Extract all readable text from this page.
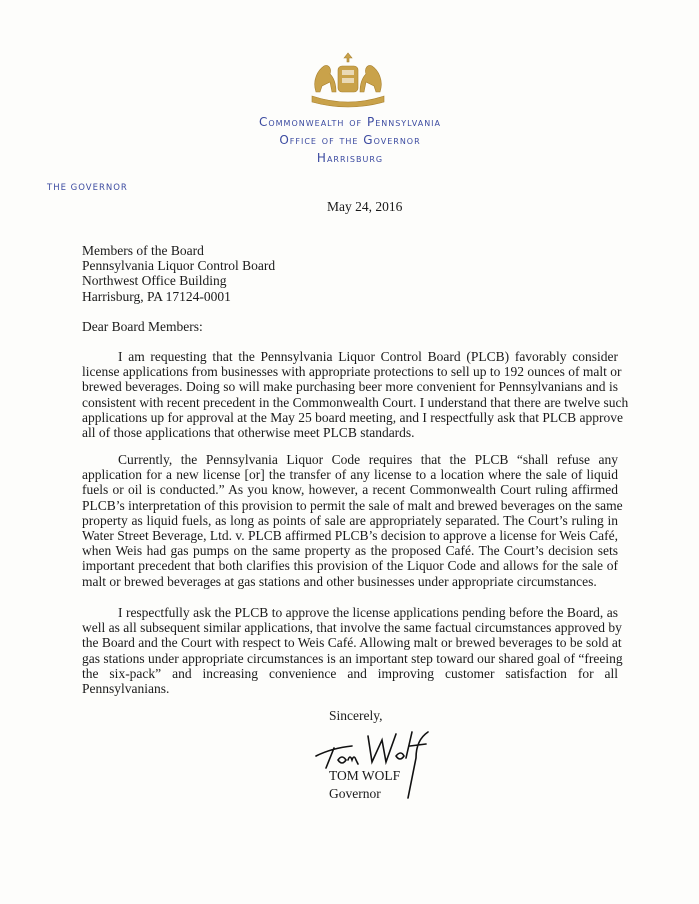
Commonwealth of Pennsylvania
Office of the Governor
Harrisburg
THE GOVERNOR
May 24, 2016
Members of the Board
Pennsylvania Liquor Control Board
Northwest Office Building
Harrisburg, PA 17124-0001
Dear Board Members:
I am requesting that the Pennsylvania Liquor Control Board (PLCB) favorably consider
license applications from businesses with appropriate protections to sell up to 192 ounces of malt or
brewed beverages. Doing so will make purchasing beer more convenient for Pennsylvanians and is
consistent with recent precedent in the Commonwealth Court. I understand that there are twelve such
applications up for approval at the May 25 board meeting, and I respectfully ask that PLCB approve
all of those applications that otherwise meet PLCB standards.
Currently, the Pennsylvania Liquor Code requires that the PLCB “shall refuse any
application for a new license [or] the transfer of any license to a location where the sale of liquid
fuels or oil is conducted.” As you know, however, a recent Commonwealth Court ruling affirmed
PLCB’s interpretation of this provision to permit the sale of malt and brewed beverages on the same
property as liquid fuels, as long as points of sale are appropriately separated. The Court’s ruling in
Water Street Beverage, Ltd. v. PLCB affirmed PLCB’s decision to approve a license for Weis Café,
when Weis had gas pumps on the same property as the proposed Café. The Court’s decision sets
important precedent that both clarifies this provision of the Liquor Code and allows for the sale of
malt or brewed beverages at gas stations and other businesses under appropriate circumstances.
I respectfully ask the PLCB to approve the license applications pending before the Board, as
well as all subsequent similar applications, that involve the same factual circumstances approved by
the Board and the Court with respect to Weis Café. Allowing malt or brewed beverages to be sold at
gas stations under appropriate circumstances is an important step toward our shared goal of “freeing
the six-pack” and increasing convenience and improving customer satisfaction for all
Pennsylvanians.
Sincerely,
TOM WOLF
Governor
